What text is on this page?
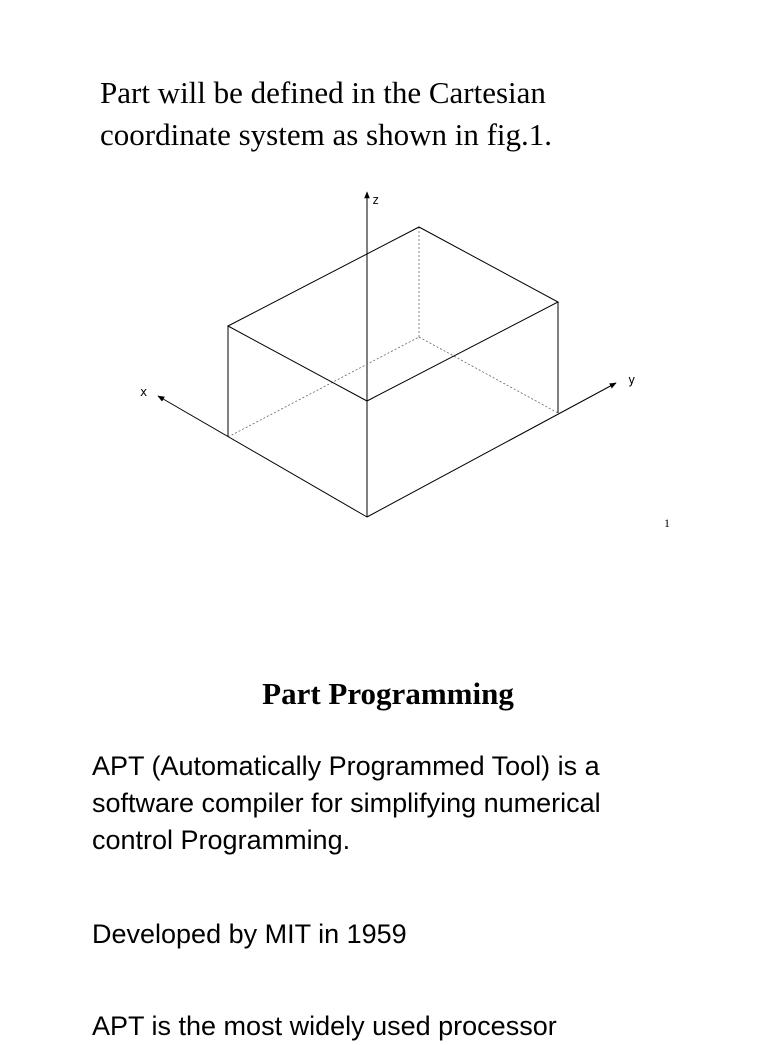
Part will be defined in the Cartesian
coordinate system as shown in fig.1.

z
x
y
1
Part Programming

APT (Automatically Programmed Tool) is a
software compiler for simplifying numerical
control Programming.

Developed by MIT in 1959

APT is the most widely used processor
